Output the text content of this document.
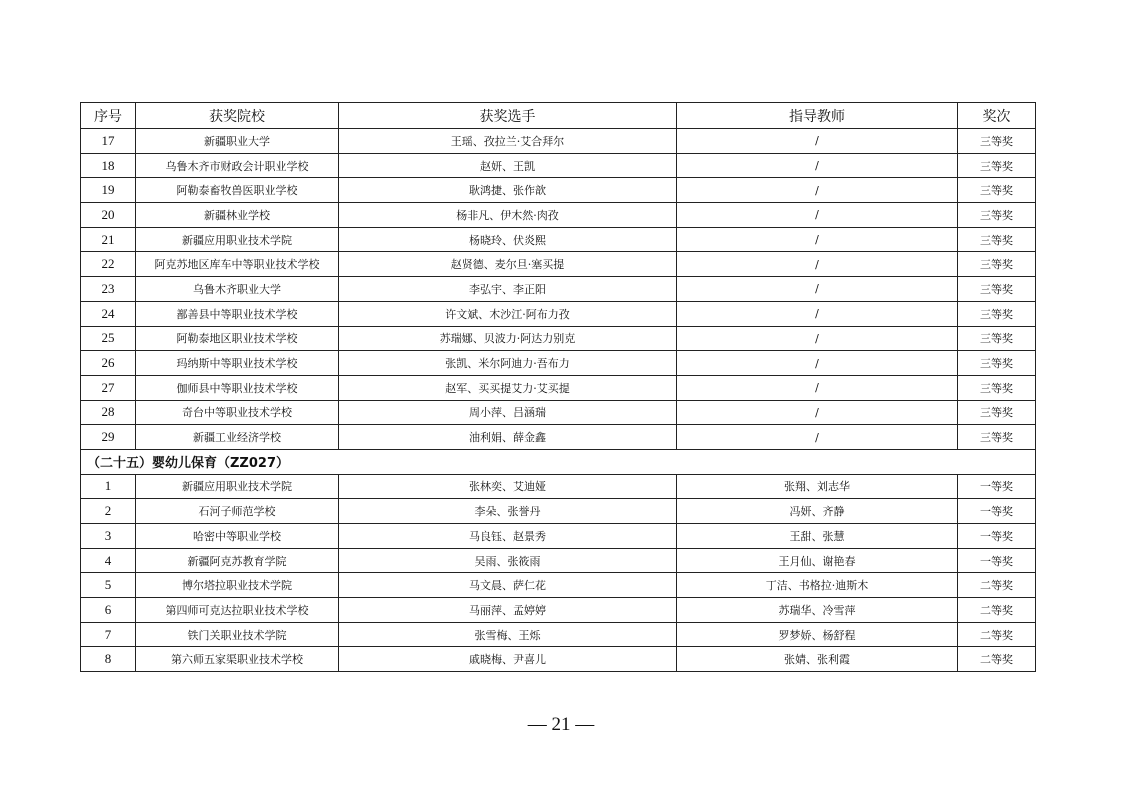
序号	获奖院校	获奖选手	指导教师	奖次
17	新疆职业大学	王瑶、孜拉兰·艾合拜尔	/	三等奖
18	乌鲁木齐市财政会计职业学校	赵妍、王凯	/	三等奖
19	阿勒泰畜牧兽医职业学校	耿鸿捷、张作歆	/	三等奖
20	新疆林业学校	杨非凡、伊木然·肉孜	/	三等奖
21	新疆应用职业技术学院	杨晓玲、伏炎熙	/	三等奖
22	阿克苏地区库车中等职业技术学校	赵贤德、麦尔旦·塞买提	/	三等奖
23	乌鲁木齐职业大学	李弘宇、李正阳	/	三等奖
24	鄯善县中等职业技术学校	许文斌、木沙江·阿布力孜	/	三等奖
25	阿勒泰地区职业技术学校	苏瑞娜、贝波力·阿达力别克	/	三等奖
26	玛纳斯中等职业技术学校	张凯、米尔阿迪力·吾布力	/	三等奖
27	伽师县中等职业技术学校	赵军、买买提艾力·艾买提	/	三等奖
28	奇台中等职业技术学校	周小萍、吕涵瑞	/	三等奖
29	新疆工业经济学校	油利娟、薛金鑫	/	三等奖
（二十五）婴幼儿保育（ZZ027）				
1	新疆应用职业技术学院	张林奕、艾迪娅	张翔、刘志华	一等奖
2	石河子师范学校	李朵、张誉丹	冯妍、齐静	一等奖
3	哈密中等职业学校	马良钰、赵景秀	王甜、张慧	一等奖
4	新疆阿克苏教育学院	吴雨、张筱雨	王月仙、谢艳春	一等奖
5	博尔塔拉职业技术学院	马文晨、萨仁花	丁洁、书格拉·迪斯木	二等奖
6	第四师可克达拉职业技术学校	马丽萍、孟婷婷	苏瑞华、冷雪萍	二等奖
7	铁门关职业技术学院	张雪梅、王烁	罗梦娇、杨舒程	二等奖
8	第六师五家渠职业技术学校	戚晓梅、尹喜儿	张婧、张利霞	二等奖
— 21 —
